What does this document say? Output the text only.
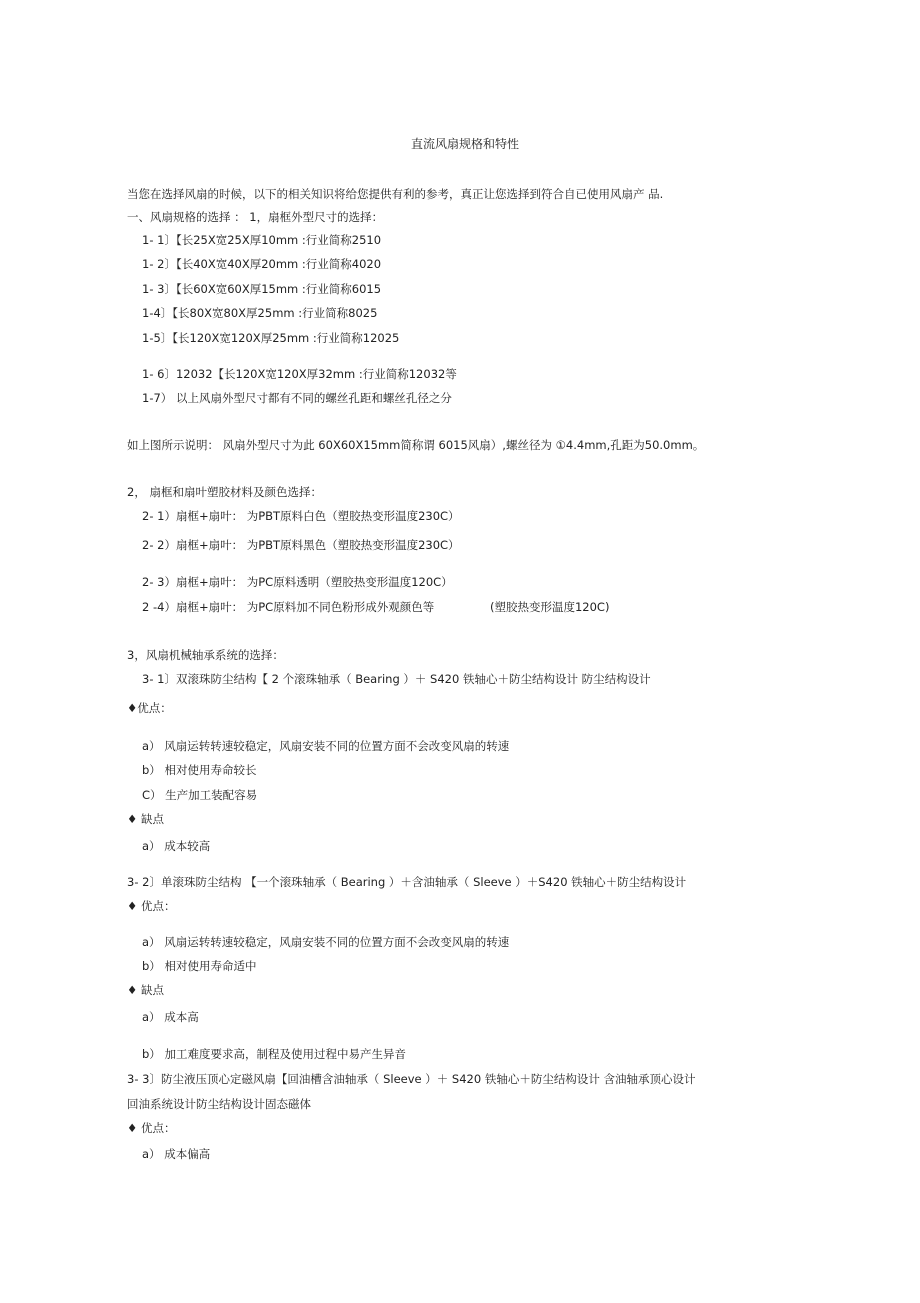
直流风扇规格和特性
当您在选择风扇的时候，以下的相关知识将给您提供有利的参考，真正让您选择到符合自已使用风扇产 品.
一、风扇规格的选择 ： 1，扇框外型尺寸的选择：
1- 1〕【长25X宽25X厚10mm :行业简称2510
1- 2〕【长40X宽40X厚20mm :行业简称4020
1- 3〕【长60X宽60X厚15mm :行业简称6015
1-4〕【长80X宽80X厚25mm :行业简称8025
1-5〕【长120X宽120X厚25mm :行业简称12025
1- 6〕12032【长120X宽120X厚32mm :行业简称12032等
1-7） 以上风扇外型尺寸都有不同的螺丝孔距和螺丝孔径之分
如上图所示说明： 风扇外型尺寸为此 60X60X15mm简称谓 6015风扇）,螺丝径为 ①4.4mm,孔距为50.0mm。
2， 扇框和扇叶塑胶材料及颜色选择：
2- 1）扇框+扇叶： 为PBT原料白色（塑胶热变形温度230C）
2- 2）扇框+扇叶： 为PBT原料黑色（塑胶热变形温度230C）
2- 3）扇框+扇叶： 为PC原料透明（塑胶热变形温度120C）
2 -4）扇框+扇叶： 为PC原料加不同色粉形成外观颜色等	(塑胶热变形温度120C)
3，风扇机械轴承系统的选择：
3- 1〕双滚珠防尘结构【 2 个滚珠轴承（ Bearing ）＋ S420 铁轴心＋防尘结构设计 防尘结构设计
♦优点：
a） 风扇运转转速较稳定，风扇安装不同的位置方面不会改变风扇的转速
b） 相对使用寿命较长
C） 生产加工装配容易
♦ 缺点
a） 成本较高
3- 2〕单滚珠防尘结构 【一个滚珠轴承（ Bearing ）＋含油轴承（ Sleeve ）＋S420 铁轴心＋防尘结构设计
♦ 优点：
a） 风扇运转转速较稳定，风扇安装不同的位置方面不会改变风扇的转速
b） 相对使用寿命适中
♦ 缺点
a） 成本高
b） 加工难度要求高，制程及使用过程中易产生异音
3- 3〕防尘液压顶心定磁风扇【回油槽含油轴承（ Sleeve ）＋ S420 铁轴心＋防尘结构设计 含油轴承顶心设计
回油系统设计防尘结构设计固态磁体
♦ 优点：
a） 成本偏高
